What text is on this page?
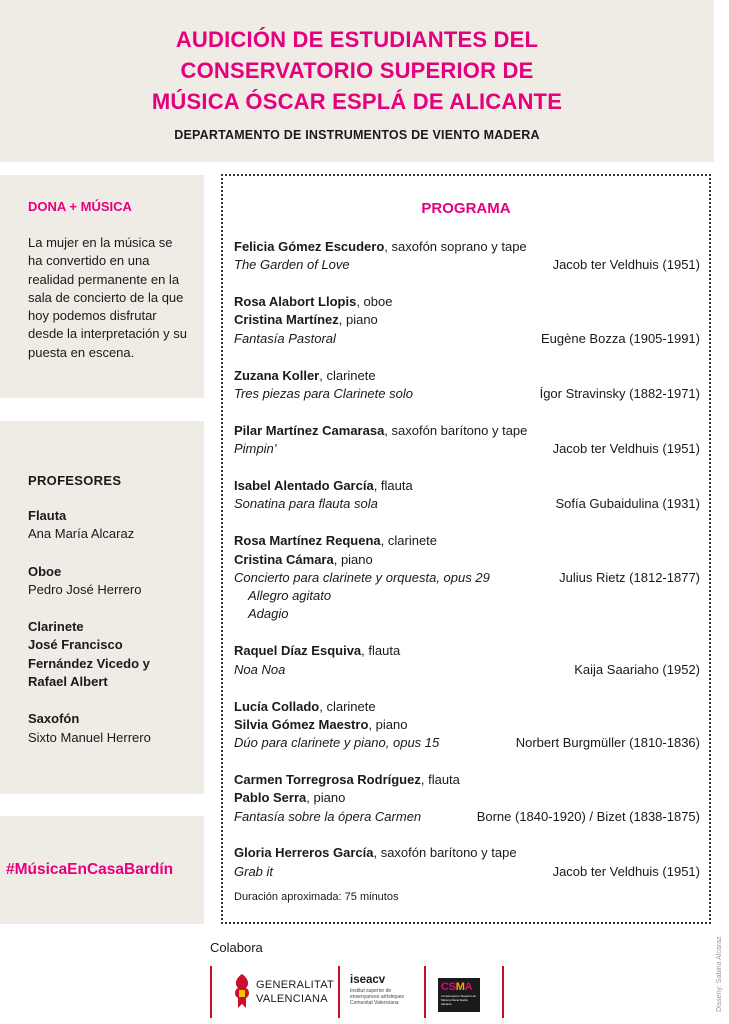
AUDICIÓN DE ESTUDIANTES DEL
CONSERVATORIO SUPERIOR DE
MÚSICA ÓSCAR ESPLÁ DE ALICANTE
DEPARTAMENTO DE INSTRUMENTOS DE VIENTO MADERA
DONA + MÚSICA
La mujer en la música se ha convertido en una realidad permanente en la sala de concierto de la que hoy podemos disfrutar desde la interpretación y su puesta en escena.
PROFESORES
Flauta
Ana María Alcaraz
Oboe
Pedro José Herrero
Clarinete
José Francisco Fernández Vicedo y Rafael Albert
Saxofón
Sixto Manuel Herrero
#MúsicaEnCasaBardín
PROGRAMA
Felicia Gómez Escudero, saxofón soprano y tape
The Garden of Love	Jacob ter Veldhuis (1951)
Rosa Alabort Llopis, oboe
Cristina Martínez, piano
Fantasía Pastoral	Eugène Bozza (1905-1991)
Zuzana Koller, clarinete
Tres piezas para Clarinete solo	Ígor Stravinsky (1882-1971)
Pilar Martínez Camarasa, saxofón barítono y tape
Pimpin’	Jacob ter Veldhuis (1951)
Isabel Alentado García, flauta
Sonatina para flauta sola	Sofía Gubaidulina (1931)
Rosa Martínez Requena, clarinete
Cristina Cámara, piano
Concierto para clarinete y orquesta, opus 29	Julius Rietz (1812-1877)
Allegro agitato
Adagio
Raquel Díaz Esquiva, flauta
Noa Noa	Kaija Saariaho (1952)
Lucía Collado, clarinete
Silvia Gómez Maestro, piano
Dúo para clarinete y piano, opus 15	Norbert Burgmüller (1810-1836)
Carmen Torregrosa Rodríguez, flauta
Pablo Serra, piano
Fantasía sobre la ópera Carmen	Borne (1840-1920) / Bizet (1838-1875)
Gloria Herreros García, saxofón barítono y tape
Grab it	Jacob ter Veldhuis (1951)
Duración aproximada: 75 minutos
Colabora
GENERALITAT
VALENCIANA
iseacv
Institut superior de ensenyances artístiques Comunitat Valenciana
CSMA
Conservatorio Superior de Música Óscar Esplá Alicante	Disseny: Sabina Alcaraz
